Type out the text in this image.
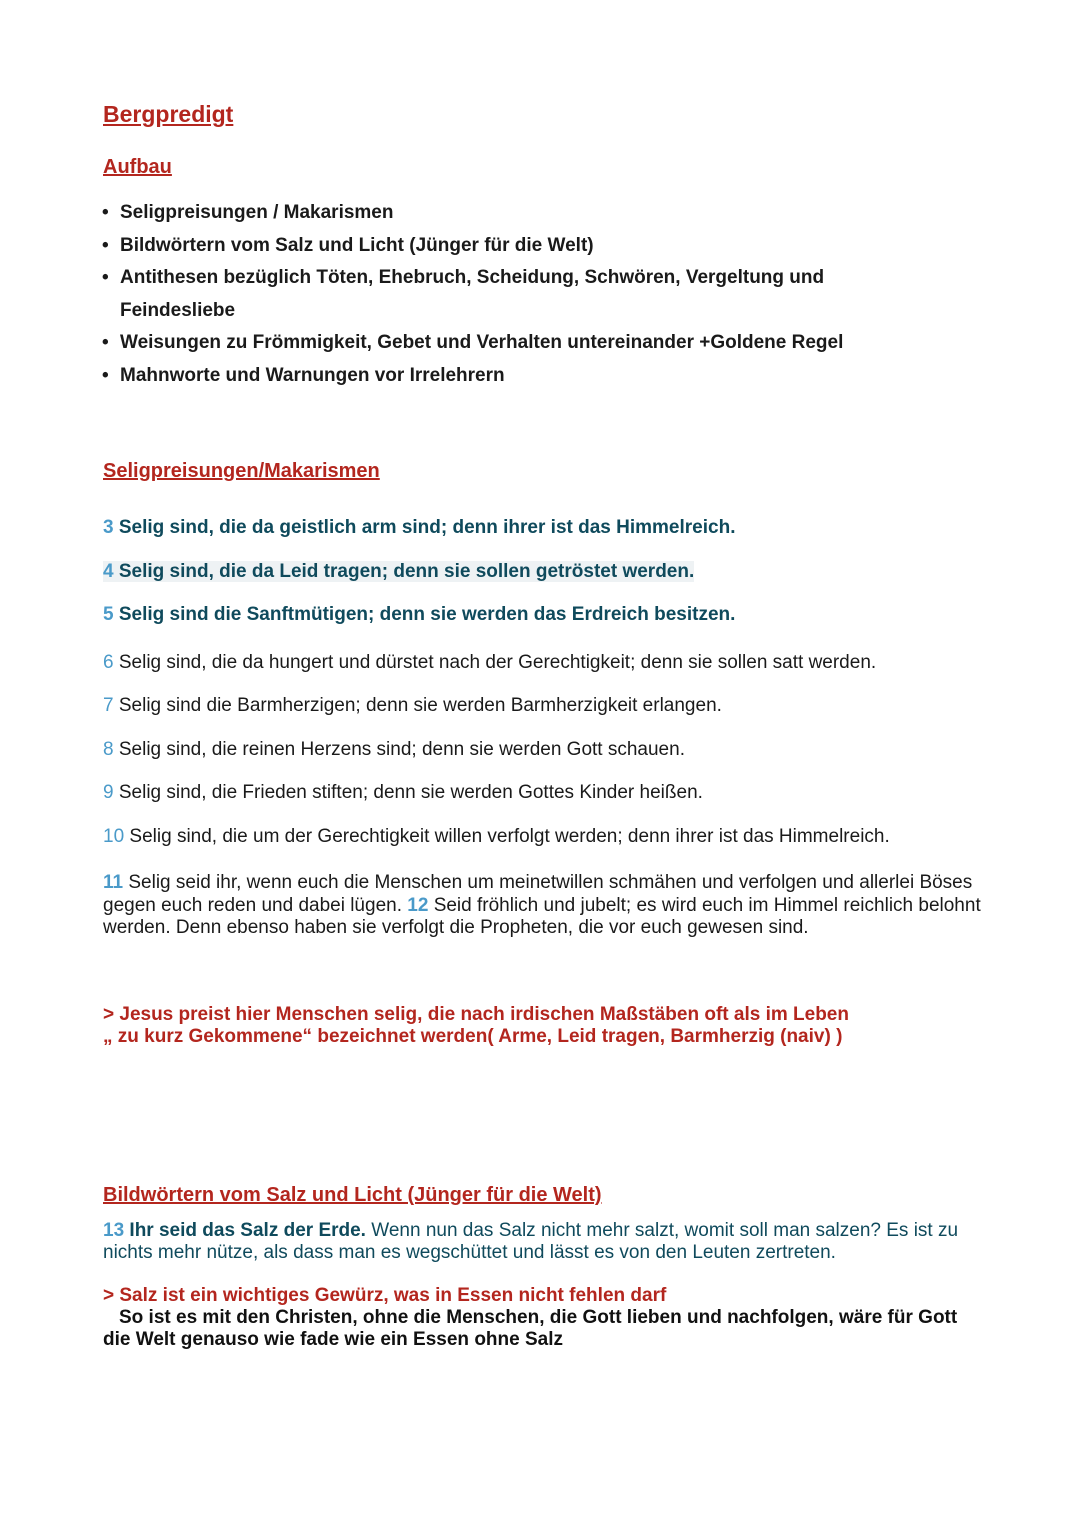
Bergpredigt
Aufbau
• Seligpreisungen / Makarismen
• Bildwörtern vom Salz und Licht (Jünger für die Welt)
• Antithesen bezüglich Töten, Ehebruch, Scheidung, Schwören, Vergeltung und
Feindesliebe
• Weisungen zu Frömmigkeit, Gebet und Verhalten untereinander +Goldene Regel
• Mahnworte und Warnungen vor Irrelehrern
Seligpreisungen/Makarismen

3 Selig sind, die da geistlich arm sind; denn ihrer ist das Himmelreich.

4 Selig sind, die da Leid tragen; denn sie sollen getröstet werden.

5 Selig sind die Sanftmütigen; denn sie werden das Erdreich besitzen.

6 Selig sind, die da hungert und dürstet nach der Gerechtigkeit; denn sie sollen satt werden.

7 Selig sind die Barmherzigen; denn sie werden Barmherzigkeit erlangen.

8 Selig sind, die reinen Herzens sind; denn sie werden Gott schauen.

9 Selig sind, die Frieden stiften; denn sie werden Gottes Kinder heißen.

10 Selig sind, die um der Gerechtigkeit willen verfolgt werden; denn ihrer ist das Himmelreich.

11 Selig seid ihr, wenn euch die Menschen um meinetwillen schmähen und verfolgen und allerlei Böses gegen euch reden und dabei lügen. 12 Seid fröhlich und jubelt; es wird euch im Himmel reichlich belohnt werden. Denn ebenso haben sie verfolgt die Propheten, die vor euch gewesen sind.

> Jesus preist hier Menschen selig, die nach irdischen Maßstäben oft als im Leben
„ zu kurz Gekommene“ bezeichnet werden( Arme, Leid tragen, Barmherzig (naiv) )

Bildwörtern vom Salz und Licht (Jünger für die Welt)

13 Ihr seid das Salz der Erde. Wenn nun das Salz nicht mehr salzt, womit soll man salzen? Es ist zu nichts mehr nütze, als dass man es wegschüttet und lässt es von den Leuten zertreten.

> Salz ist ein wichtiges Gewürz, was in Essen nicht fehlen darf

So ist es mit den Christen, ohne die Menschen, die Gott lieben und nachfolgen, wäre für Gott die Welt genauso wie fade wie ein Essen ohne Salz
